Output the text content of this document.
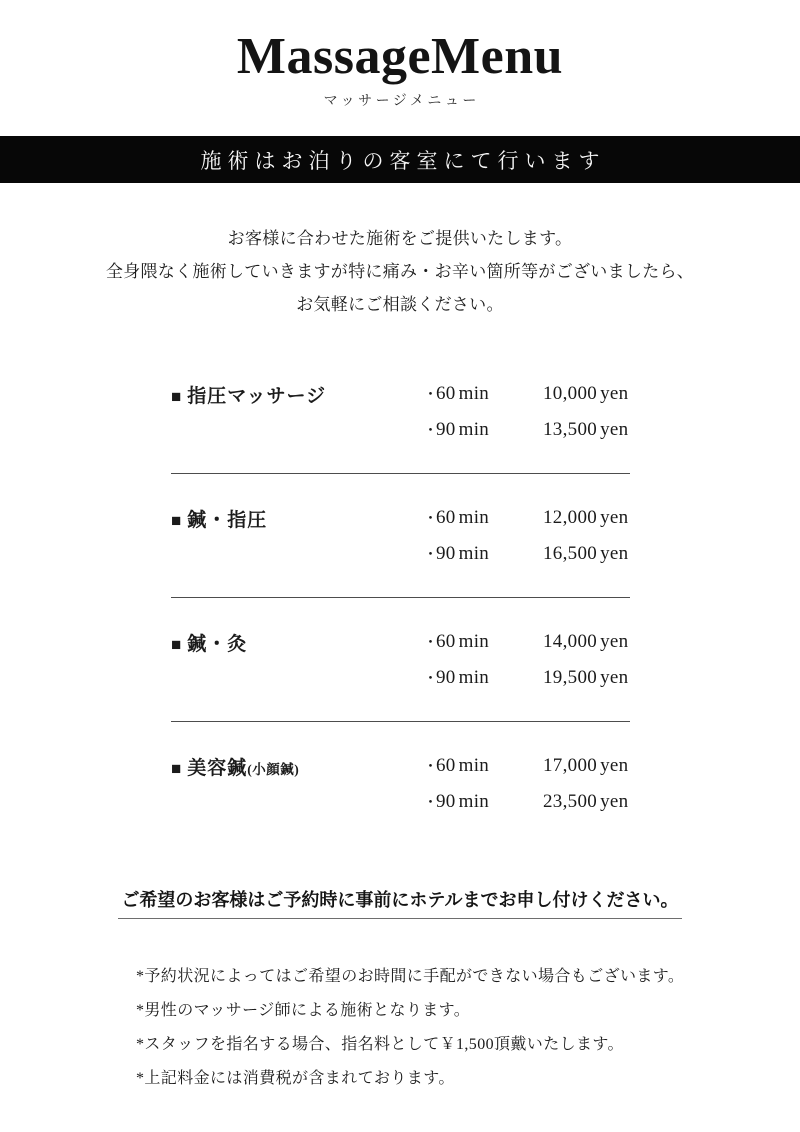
MassageMenu
マッサージメニュー
施術はお泊りの客室にて行います
お客様に合わせた施術をご提供いたします。
全身隈なく施術していきますが特に痛み・お辛い箇所等がございましたら、
お気軽にご相談ください。
■ 指圧マッサージ	・60 min	10,000 yen
・90 min	13,500 yen
■ 鍼・指圧	・60 min	12,000 yen
・90 min	16,500 yen
■ 鍼・灸	・60 min	14,000 yen
・90 min	19,500 yen
■ 美容鍼(小顔鍼)	・60 min	17,000 yen
・90 min	23,500 yen
ご希望のお客様はご予約時に事前にホテルまでお申し付けください。
*予約状況によってはご希望のお時間に手配ができない場合もございます。
*男性のマッサージ師による施術となります。
*スタッフを指名する場合、指名料として￥1,500頂戴いたします。
*上記料金には消費税が含まれております。
